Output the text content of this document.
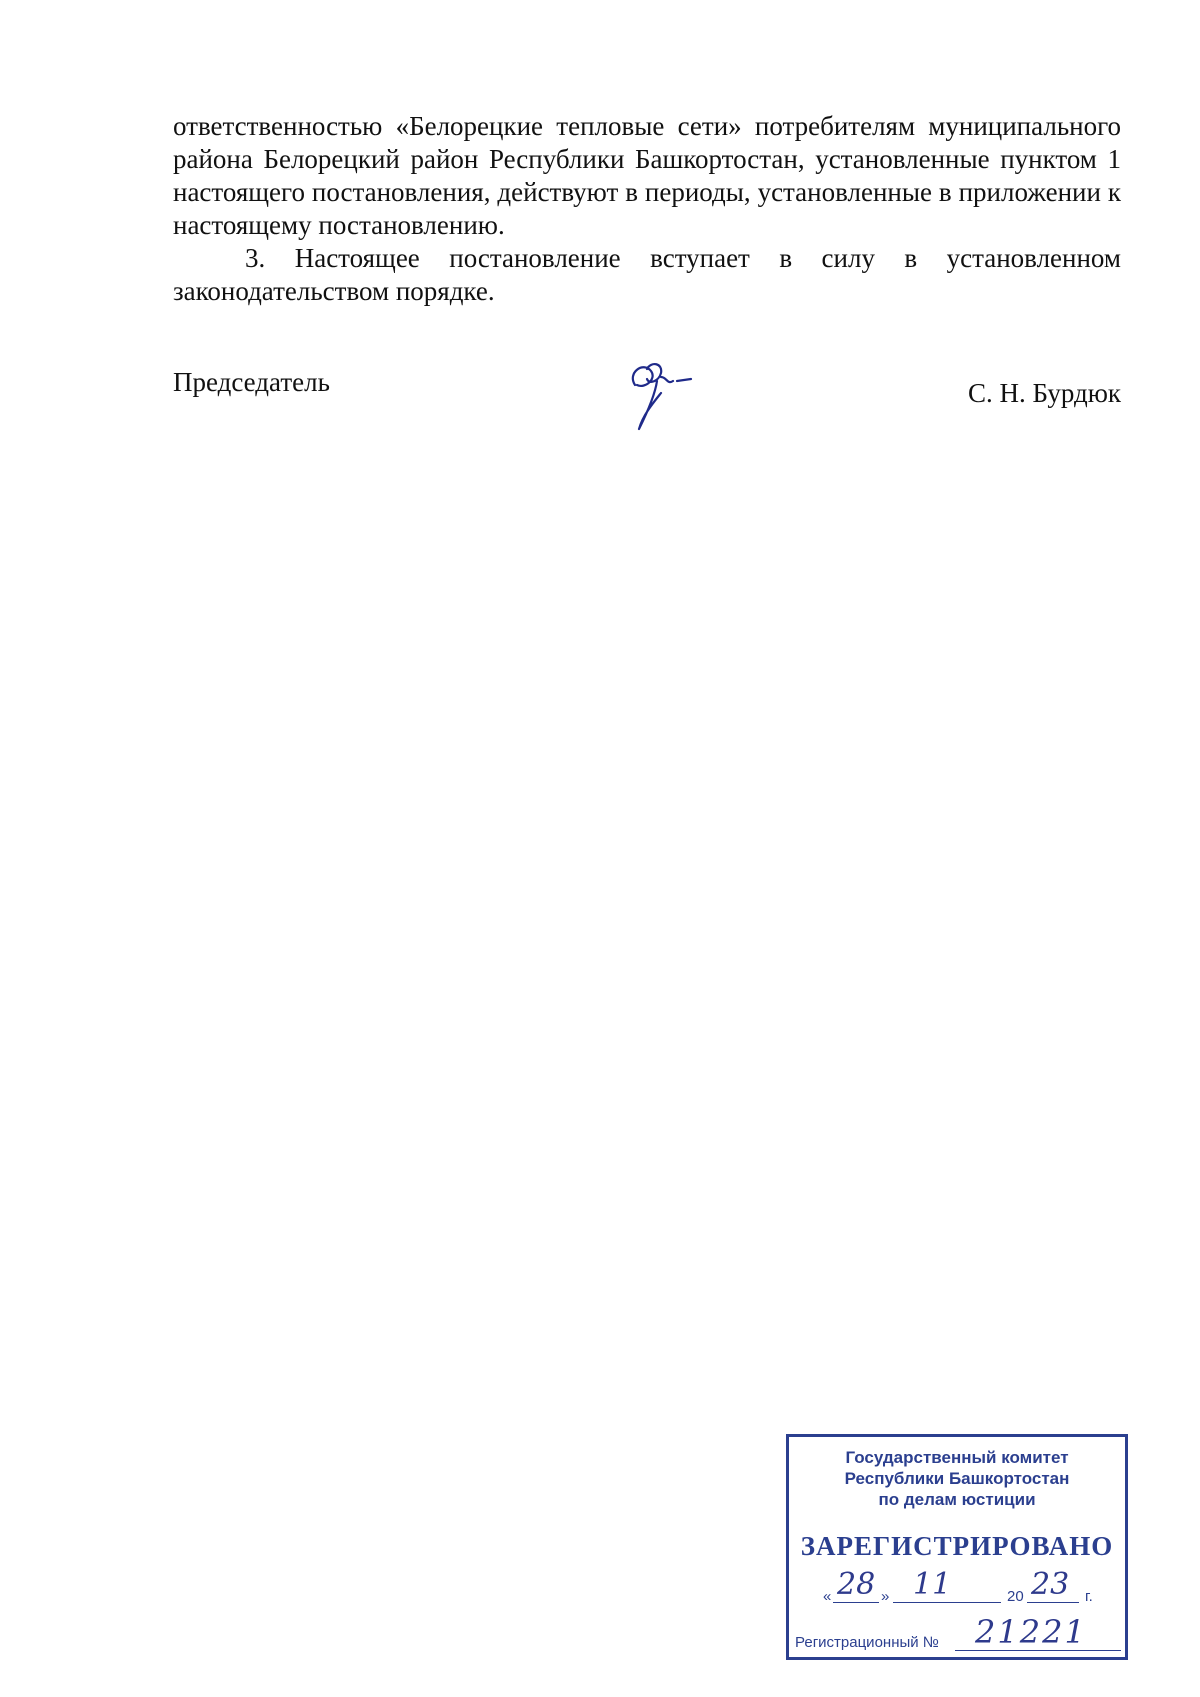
ответственностью «Белорецкие тепловые сети» потребителям муниципального района Белорецкий район Республики Башкортостан, установленные пунктом 1 настоящего постановления, действуют в периоды, установленные в приложении к настоящему постановлению.

3. Настоящее постановление вступает в силу в установленном законодательством порядке.

Председатель	С. Н. Бурдюк
Государственный комитет
Республики Башкортостан
по делам юстиции
ЗАРЕГИСТРИРОВАНО
« 28 » 11	20 23 г.
Регистрационный № 21221
